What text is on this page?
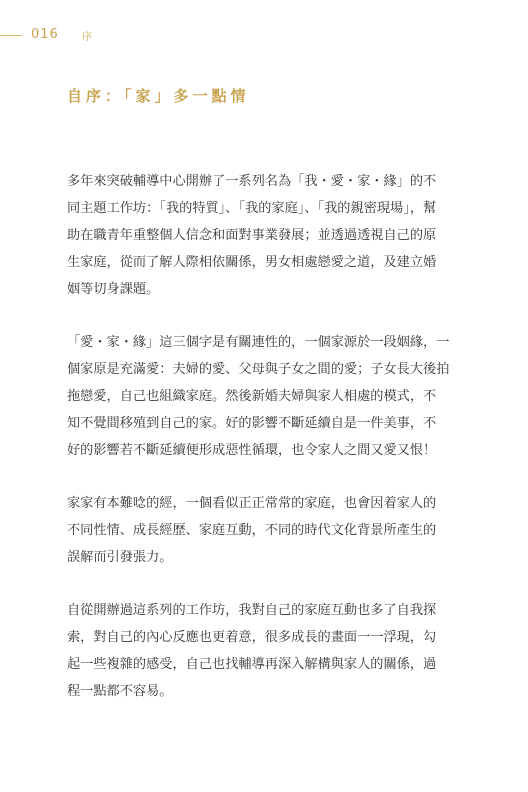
016 序
自序：「家」多一點情
多年來突破輔導中心開辦了一系列名為「我・愛・家・緣」的不
同主題工作坊：「我的特質」、「我的家庭」、「我的親密現場」，幫
助在職青年重整個人信念和面對事業發展；並透過透視自己的原
生家庭，從而了解人際相依關係，男女相處戀愛之道，及建立婚
姻等切身課題。
「愛・家・緣」這三個字是有關連性的，一個家源於一段姻緣，一
個家原是充滿愛：夫婦的愛、父母與子女之間的愛；子女長大後拍
拖戀愛，自己也組織家庭。然後新婚夫婦與家人相處的模式，不
知不覺間移殖到自己的家。好的影響不斷延續自是一件美事，不
好的影響若不斷延續便形成惡性循環，也令家人之間又愛又恨！
家家有本難唸的經，一個看似正正常常的家庭，也會因着家人的
不同性情、成長經歷、家庭互動，不同的時代文化背景所產生的
誤解而引發張力。
自從開辦過這系列的工作坊，我對自己的家庭互動也多了自我探
索，對自己的內心反應也更着意，很多成長的畫面一一浮現，勾
起一些複雜的感受，自己也找輔導再深入解構與家人的關係，過
程一點都不容易。
